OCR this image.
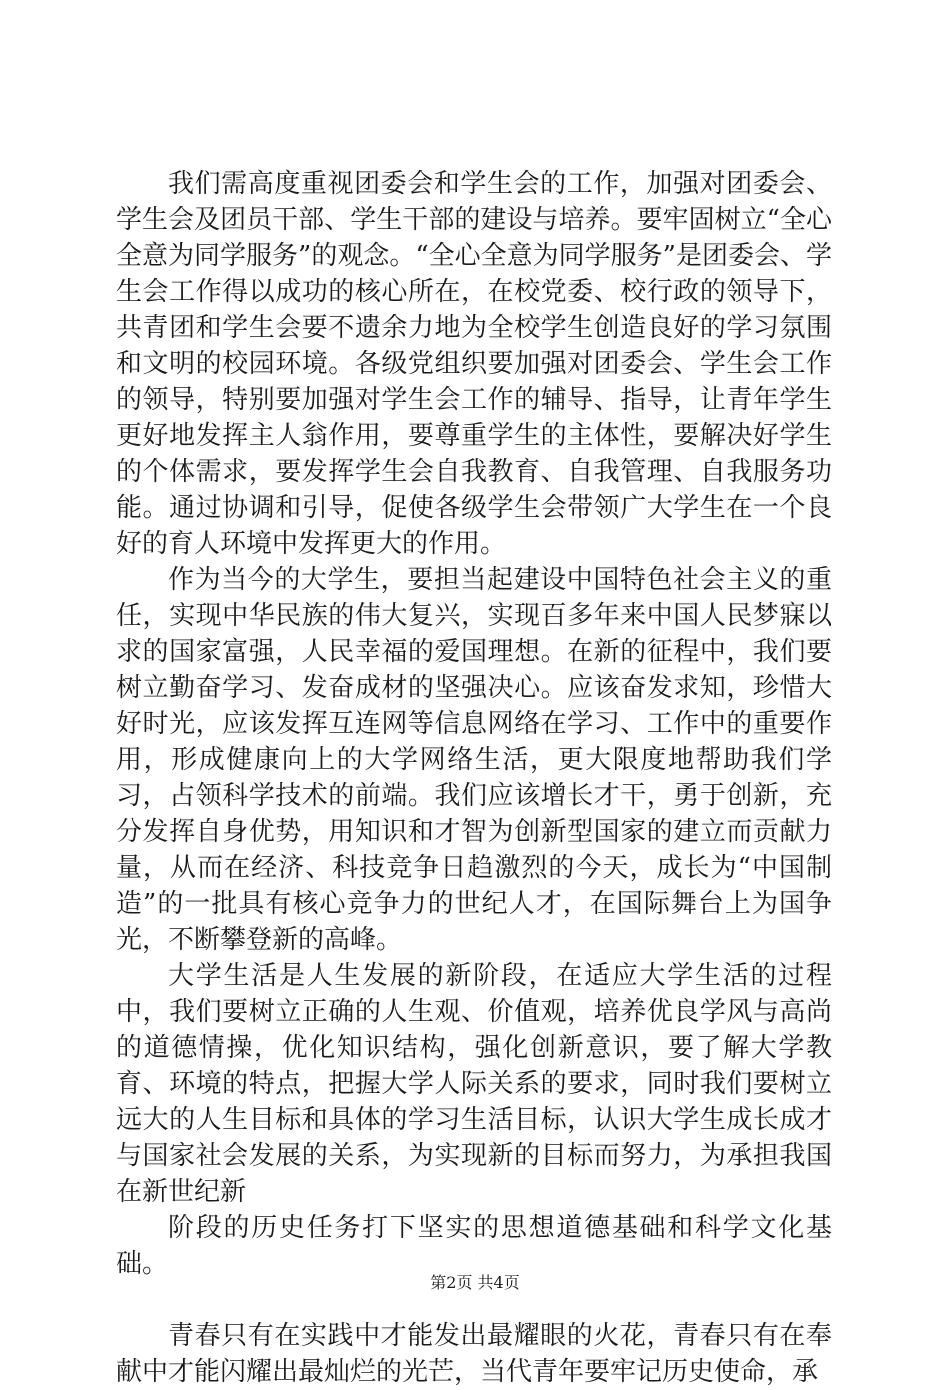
我们需高度重视团委会和学生会的工作，加强对团委会、学生会及团员干部、学生干部的建设与培养。要牢固树立“全心全意为同学服务”的观念。“全心全意为同学服务”是团委会、学生会工作得以成功的核心所在，在校党委、校行政的领导下，共青团和学生会要不遗余力地为全校学生创造良好的学习氛围和文明的校园环境。各级党组织要加强对团委会、学生会工作的领导，特别要加强对学生会工作的辅导、指导，让青年学生更好地发挥主人翁作用，要尊重学生的主体性，要解决好学生的个体需求，要发挥学生会自我教育、自我管理、自我服务功能。通过协调和引导，促使各级学生会带领广大学生在一个良好的育人环境中发挥更大的作用。

作为当今的大学生，要担当起建设中国特色社会主义的重任，实现中华民族的伟大复兴，实现百多年来中国人民梦寐以求的国家富强，人民幸福的爱国理想。在新的征程中，我们要树立勤奋学习、发奋成材的坚强决心。应该奋发求知，珍惜大好时光，应该发挥互连网等信息网络在学习、工作中的重要作用，形成健康向上的大学网络生活，更大限度地帮助我们学习，占领科学技术的前端。我们应该增长才干，勇于创新，充分发挥自身优势，用知识和才智为创新型国家的建立而贡献力量，从而在经济、科技竞争日趋激烈的今天，成长为“中国制造”的一批具有核心竞争力的世纪人才，在国际舞台上为国争光，不断攀登新的高峰。

大学生活是人生发展的新阶段，在适应大学生活的过程中，我们要树立正确的人生观、价值观，培养优良学风与高尚的道德情操，优化知识结构，强化创新意识，要了解大学教育、环境的特点，把握大学人际关系的要求，同时我们要树立远大的人生目标和具体的学习生活目标，认识大学生成长成才与国家社会发展的关系，为实现新的目标而努力，为承担我国在新世纪新

阶段的历史任务打下坚实的思想道德基础和科学文化基础。

青春只有在实践中才能发出最耀眼的火花，青春只有在奉献中才能闪耀出最灿烂的光芒，当代青年要牢记历史使命，承

第2页 共4页
